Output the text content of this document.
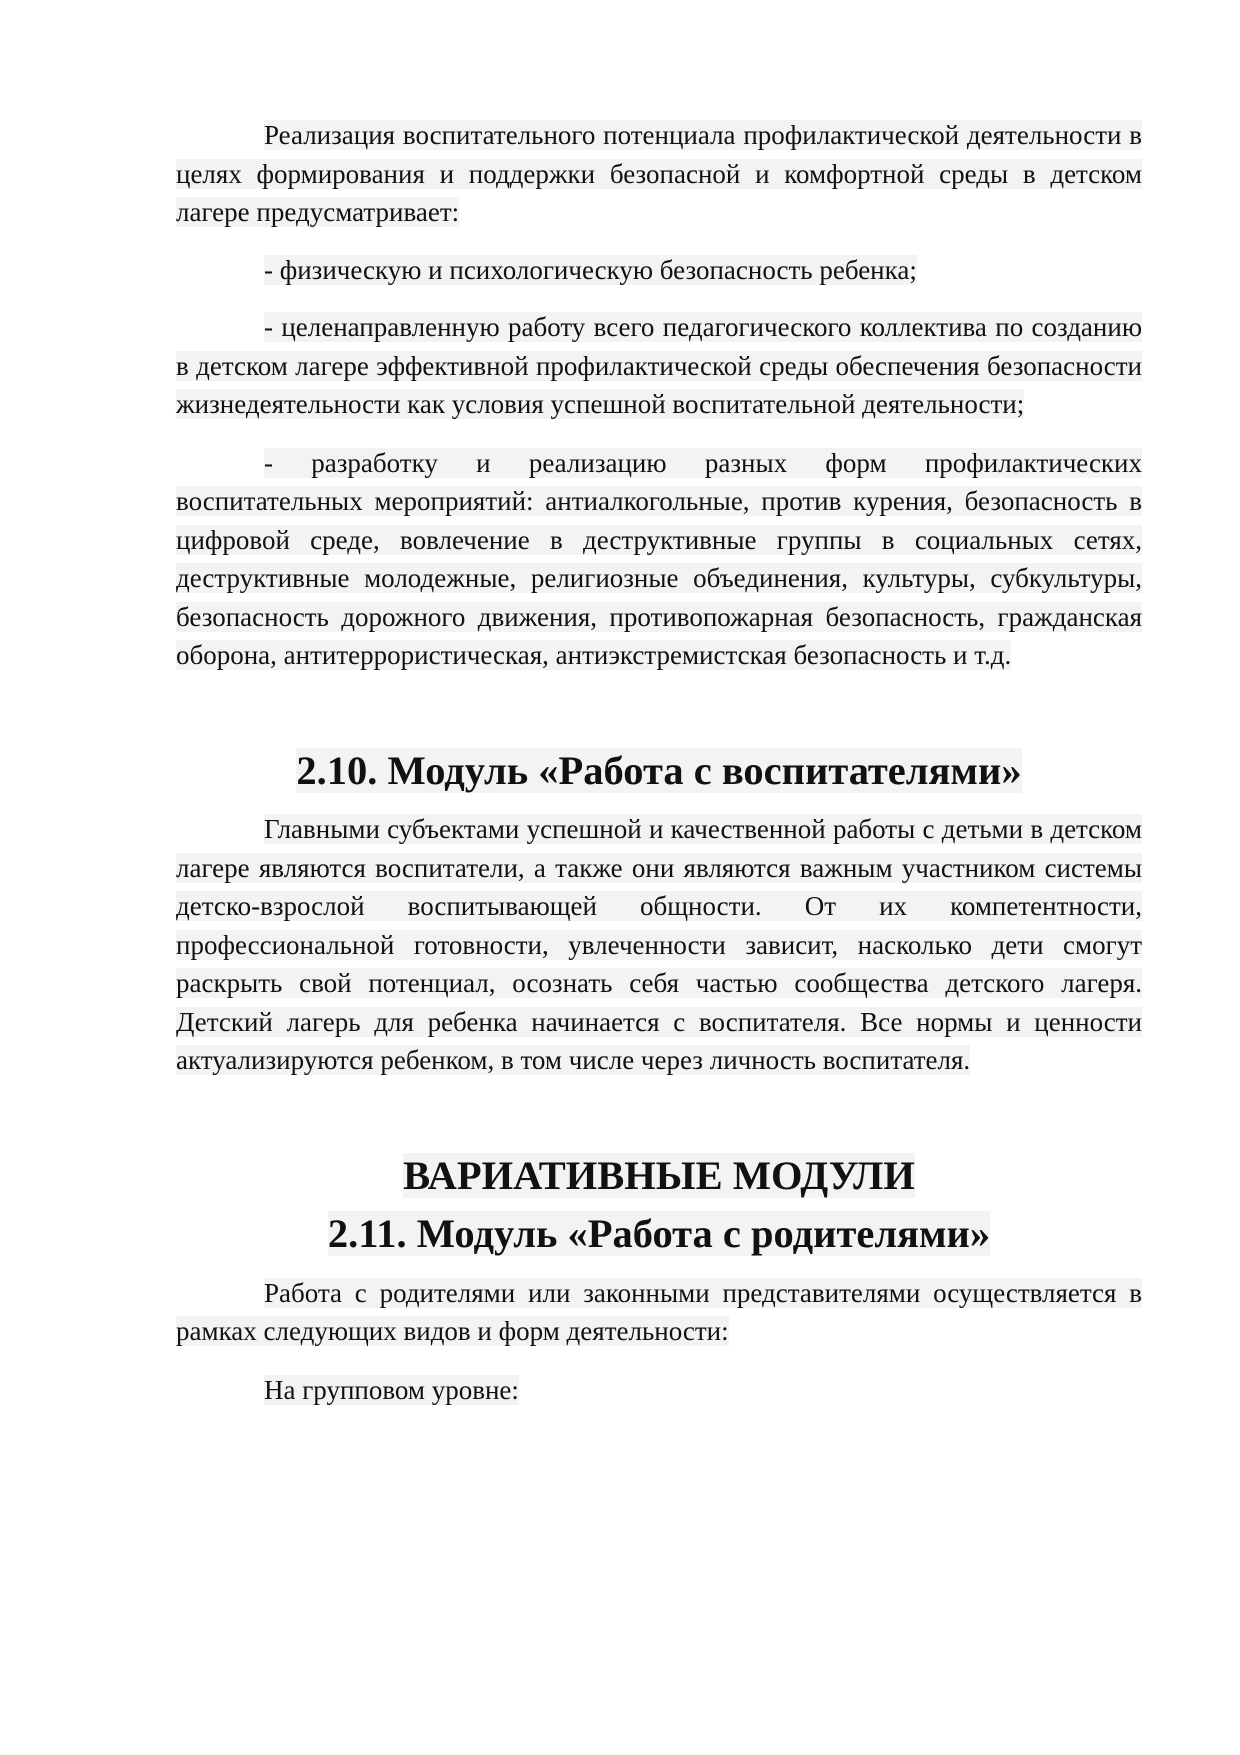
Реализация воспитательного потенциала профилактической деятельности в целях формирования и поддержки безопасной и комфортной среды в детском лагере предусматривает:

- физическую и психологическую безопасность ребенка;

- целенаправленную работу всего педагогического коллектива по созданию в детском лагере эффективной профилактической среды обеспечения безопасности жизнедеятельности как условия успешной воспитательной деятельности;

- разработку и реализацию разных форм профилактических воспитательных мероприятий: антиалкогольные, против курения, безопасность в цифровой среде, вовлечение в деструктивные группы в социальных сетях, деструктивные молодежные, религиозные объединения, культуры, субкультуры, безопасность дорожного движения, противопожарная безопасность, гражданская оборона, антитеррористическая, антиэкстремистская безопасность и т.д.

2.10. Модуль «Работа с воспитателями»

Главными субъектами успешной и качественной работы с детьми в детском лагере являются воспитатели, а также они являются важным участником системы детско-взрослой воспитывающей общности. От их компетентности, профессиональной готовности, увлеченности зависит, насколько дети смогут раскрыть свой потенциал, осознать себя частью сообщества детского лагеря. Детский лагерь для ребенка начинается с воспитателя. Все нормы и ценности актуализируются ребенком, в том числе через личность воспитателя.

ВАРИАТИВНЫЕ МОДУЛИ
2.11. Модуль «Работа с родителями»

Работа с родителями или законными представителями осуществляется в рамках следующих видов и форм деятельности:

На групповом уровне:
